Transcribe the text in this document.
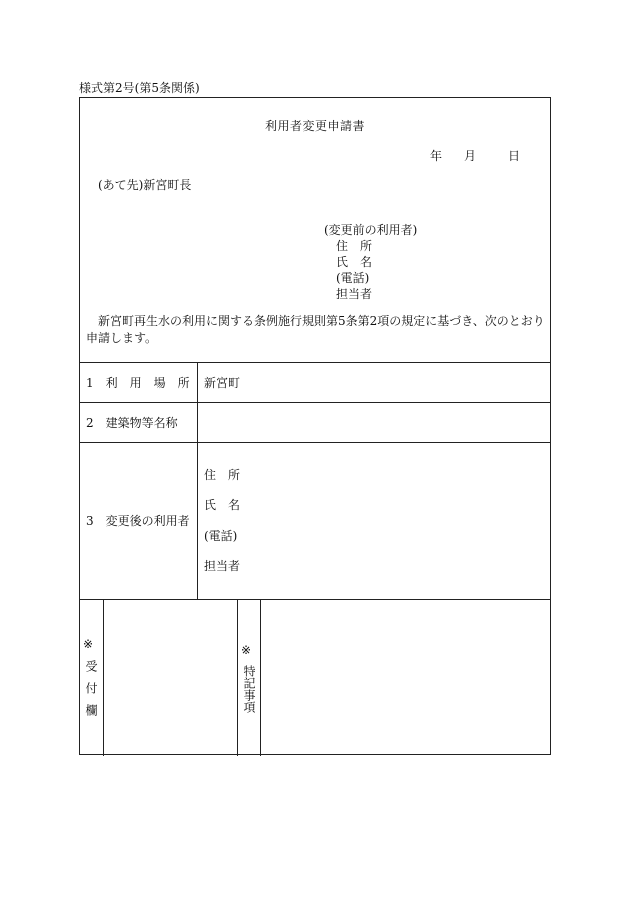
様式第2号(第5条関係)
利用者変更申請書
年 月	日
(あて先)新宮町長
(変更前の利用者)
住　所
氏　名
(電話)
担当者
新宮町再生水の利用に関する条例施行規則第5条第2項の規定に基づき、次のとおり申請します。
1　利　用　場　所 新宮町
2　建築物等名称
3　変更後の利用者
住　所
氏　名
(電話)
担当者
※
受付欄
※
特記事項
